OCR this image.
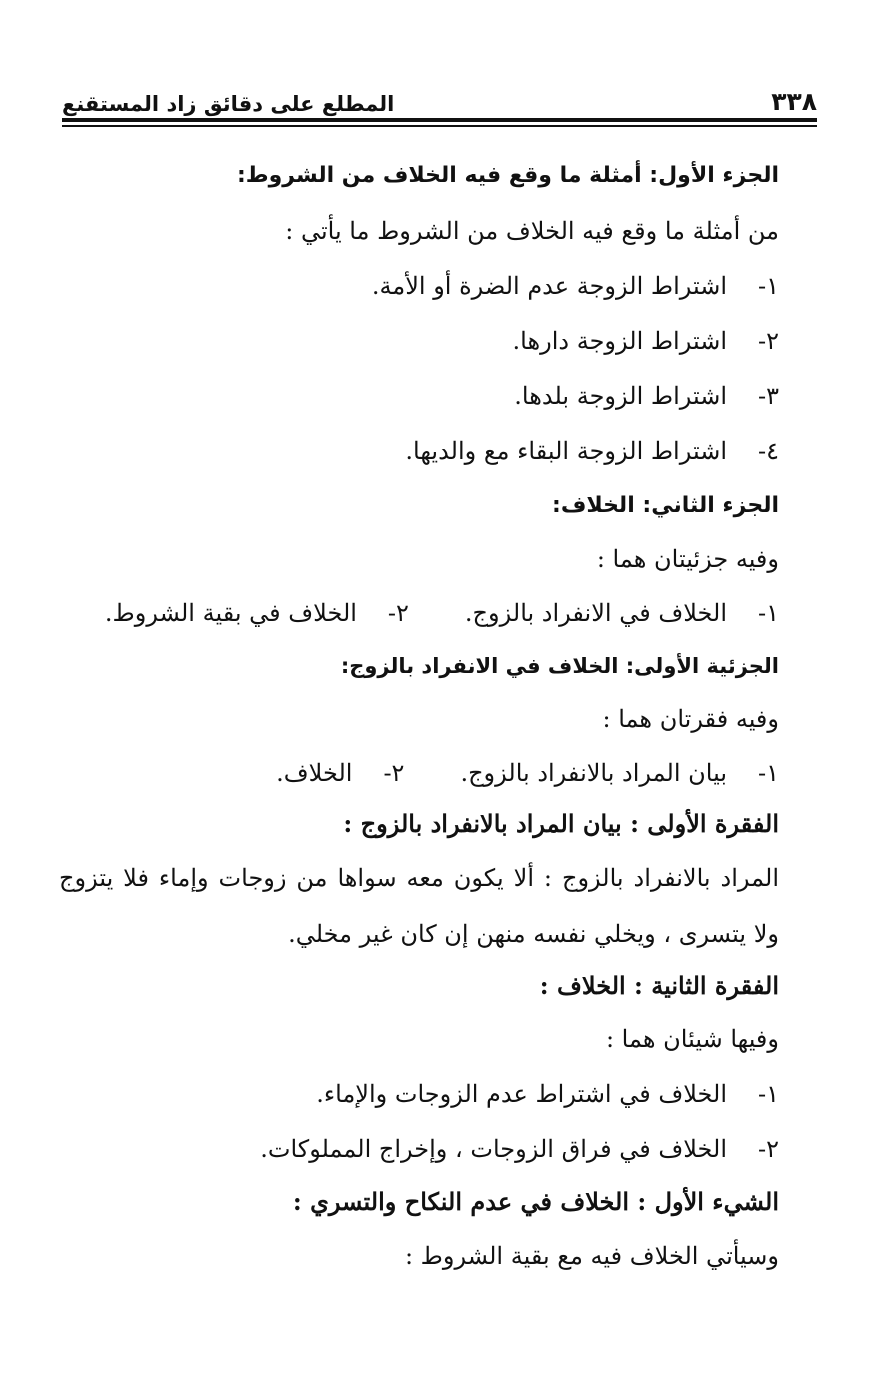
٣٣٨
المطلع على دقائق زاد المستقنع
الجزء الأول: أمثلة ما وقع فيه الخلاف من الشروط:
من أمثلة ما وقع فيه الخلاف من الشروط ما يأتي :
١-اشتراط الزوجة عدم الضرة أو الأمة.
٢-اشتراط الزوجة دارها.
٣-اشتراط الزوجة بلدها.
٤-اشتراط الزوجة البقاء مع والديها.
الجزء الثاني: الخلاف:
وفيه جزئيتان هما :
١-الخلاف في الانفراد بالزوج.٢-الخلاف في بقية الشروط.
الجزئية الأولى: الخلاف في الانفراد بالزوج:
وفيه فقرتان هما :
١-بيان المراد بالانفراد بالزوج.٢-الخلاف.
الفقرة الأولى : بيان المراد بالانفراد بالزوج :
المراد بالانفراد بالزوج : ألا يكون معه سواها من زوجات وإماء فلا يتزوج
ولا يتسرى ، ويخلي نفسه منهن إن كان غير مخلي.
الفقرة الثانية : الخلاف :
وفيها شيئان هما :
١-الخلاف في اشتراط عدم الزوجات والإماء.
٢-الخلاف في فراق الزوجات ، وإخراج المملوكات.
الشيء الأول : الخلاف في عدم النكاح والتسري :
وسيأتي الخلاف فيه مع بقية الشروط :
